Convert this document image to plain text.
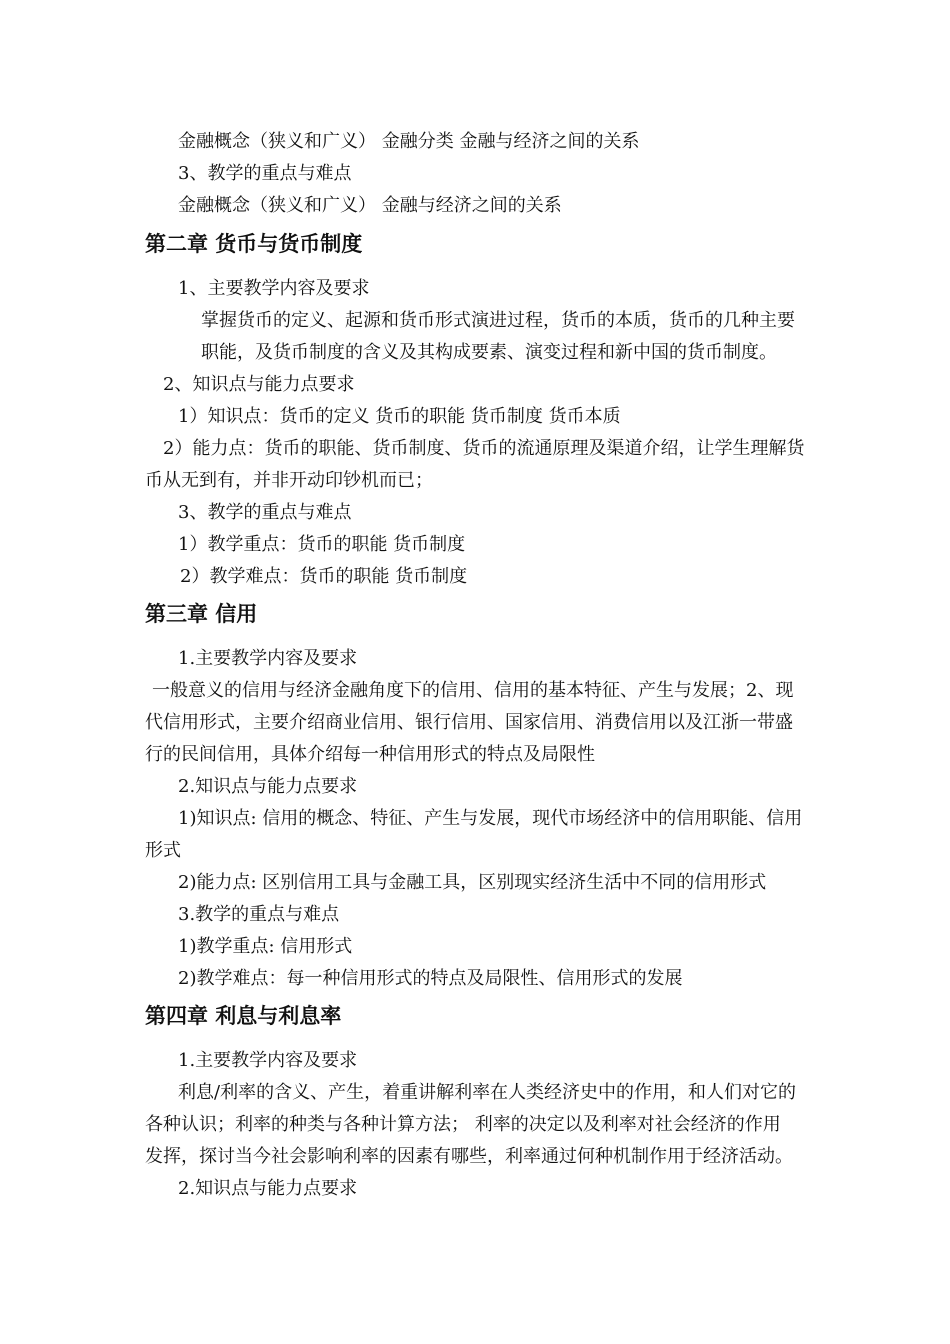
金融概念（狭义和广义） 金融分类 金融与经济之间的关系
3、教学的重点与难点
金融概念（狭义和广义） 金融与经济之间的关系
第二章 货币与货币制度
1、主要教学内容及要求
掌握货币的定义、起源和货币形式演进过程，货币的本质，货币的几种主要
职能，及货币制度的含义及其构成要素、演变过程和新中国的货币制度。
2、知识点与能力点要求
1）知识点：货币的定义 货币的职能 货币制度 货币本质
2）能力点：货币的职能、货币制度、货币的流通原理及渠道介绍，让学生理解货
币从无到有，并非开动印钞机而已；
3、教学的重点与难点
1）教学重点：货币的职能 货币制度
2）教学难点：货币的职能 货币制度
第三章 信用
1.主要教学内容及要求
一般意义的信用与经济金融角度下的信用、信用的基本特征、产生与发展；2、现
代信用形式，主要介绍商业信用、银行信用、国家信用、消费信用以及江浙一带盛
行的民间信用，具体介绍每一种信用形式的特点及局限性
2.知识点与能力点要求
1)知识点: 信用的概念、特征、产生与发展，现代市场经济中的信用职能、信用
形式
2)能力点: 区别信用工具与金融工具，区别现实经济生活中不同的信用形式
3.教学的重点与难点
1)教学重点: 信用形式
2)教学难点：每一种信用形式的特点及局限性、信用形式的发展
第四章 利息与利息率
1.主要教学内容及要求
利息/利率的含义、产生，着重讲解利率在人类经济史中的作用，和人们对它的
各种认识；利率的种类与各种计算方法； 利率的决定以及利率对社会经济的作用
发挥，探讨当今社会影响利率的因素有哪些，利率通过何种机制作用于经济活动。
2.知识点与能力点要求
